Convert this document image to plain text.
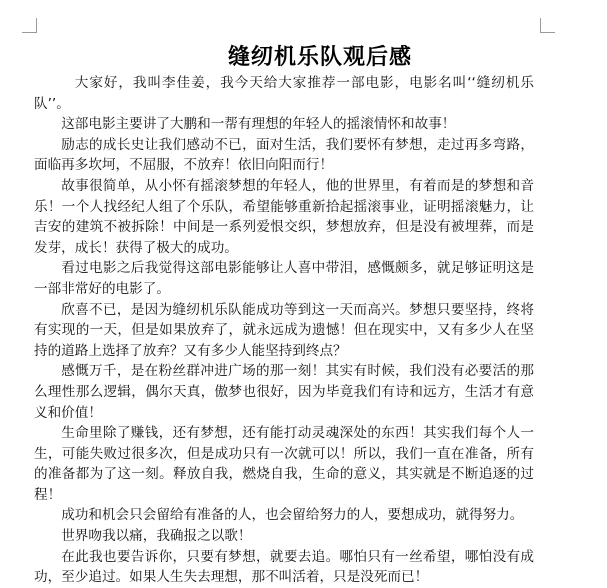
缝纫机乐队观后感

大家好，我叫李佳姜，我今天给大家推荐一部电影，电影名叫‘‘缝纫机乐队’’。

这部电影主要讲了大鹏和一帮有理想的年轻人的摇滚情怀和故事！

励志的成长史让我们感动不已，面对生活，我们要怀有梦想，走过再多弯路，面临再多坎坷，不屈服，不放弃！依旧向阳而行！

故事很简单，从小怀有摇滚梦想的年轻人，他的世界里，有着而是的梦想和音乐！一个人找经纪人组了个乐队，希望能够重新拾起摇滚事业，证明摇滚魅力，让吉安的建筑不被拆除！中间是一系列爱恨交织，梦想放弃，但是没有被埋葬，而是发芽，成长！获得了极大的成功。

看过电影之后我觉得这部电影能够让人喜中带泪，感慨颇多，就足够证明这是一部非常好的电影了。

欣喜不已，是因为缝纫机乐队能成功等到这一天而高兴。梦想只要坚持，终将有实现的一天，但是如果放弃了，就永远成为遗憾！但在现实中，又有多少人在坚持的道路上选择了放弃？又有多少人能坚持到终点？

感慨万千，是在粉丝群冲进广场的那一刻！其实有时候，我们没有必要活的那么理性那么逻辑，偶尔天真，傲梦也很好，因为毕竟我们有诗和远方，生活才有意义和价值！

生命里除了赚钱，还有梦想，还有能打动灵魂深处的东西！其实我们每个人一生，可能失败过很多次，但是成功只有一次就可以！所以，我们一直在准备，所有的准备都为了这一刻。释放自我，燃烧自我，生命的意义，其实就是不断追逐的过程！

成功和机会只会留给有准备的人，也会留给努力的人，要想成功，就得努力。

世界吻我以痛，我确报之以歌！

在此我也要告诉你，只要有梦想，就要去追。哪怕只有一丝希望，哪怕没有成功，至少追过。如果人生失去理想，那不叫活着，只是没死而已！
